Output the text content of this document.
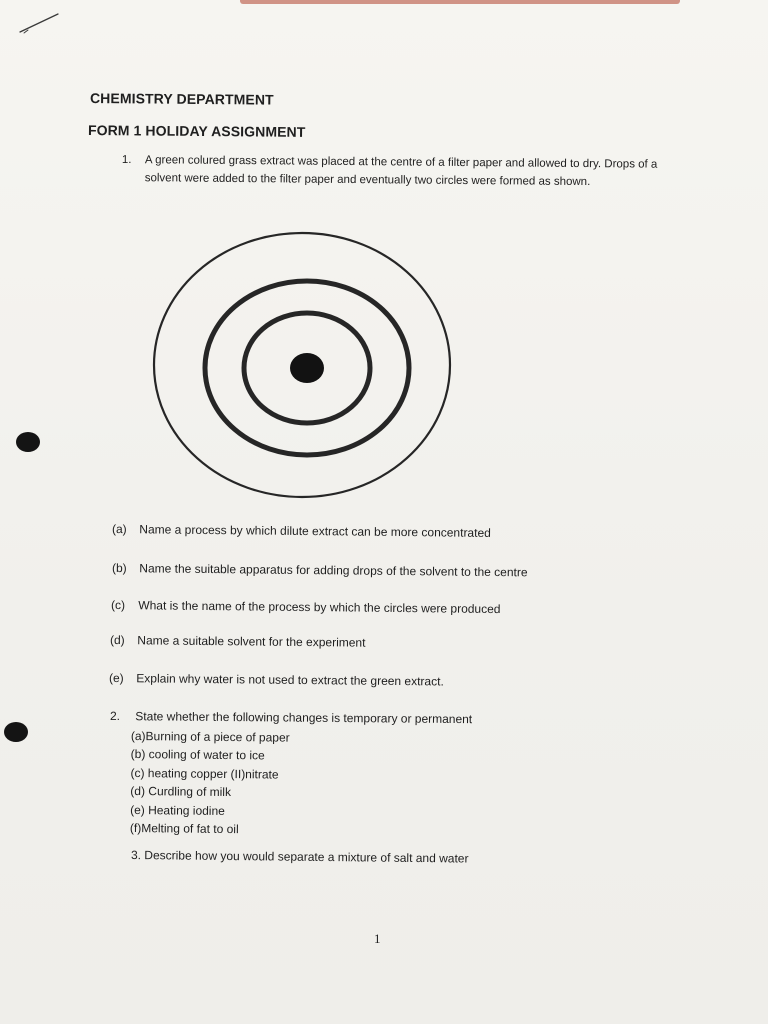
CHEMISTRY DEPARTMENT
FORM 1 HOLIDAY ASSIGNMENT
1.	A green colured grass extract was placed at the centre of a filter paper and allowed to dry. Drops of a solvent were added to the filter paper and eventually two circles were formed as shown.
(a) Name a process by which dilute extract can be more concentrated
(b) Name the suitable apparatus for adding drops of the solvent to the centre
(c) What is the name of the process by which the circles were produced
(d) Name a suitable solvent for the experiment
(e) Explain why water is not used to extract the green extract.
2. State whether the following changes is temporary or permanent
(a)Burning of a piece of paper
(b) cooling of water to ice
(c) heating copper (II)nitrate
(d) Curdling of milk
(e) Heating iodine
(f)Melting of fat to oil
3. Describe how you would separate a mixture of salt and water
1
